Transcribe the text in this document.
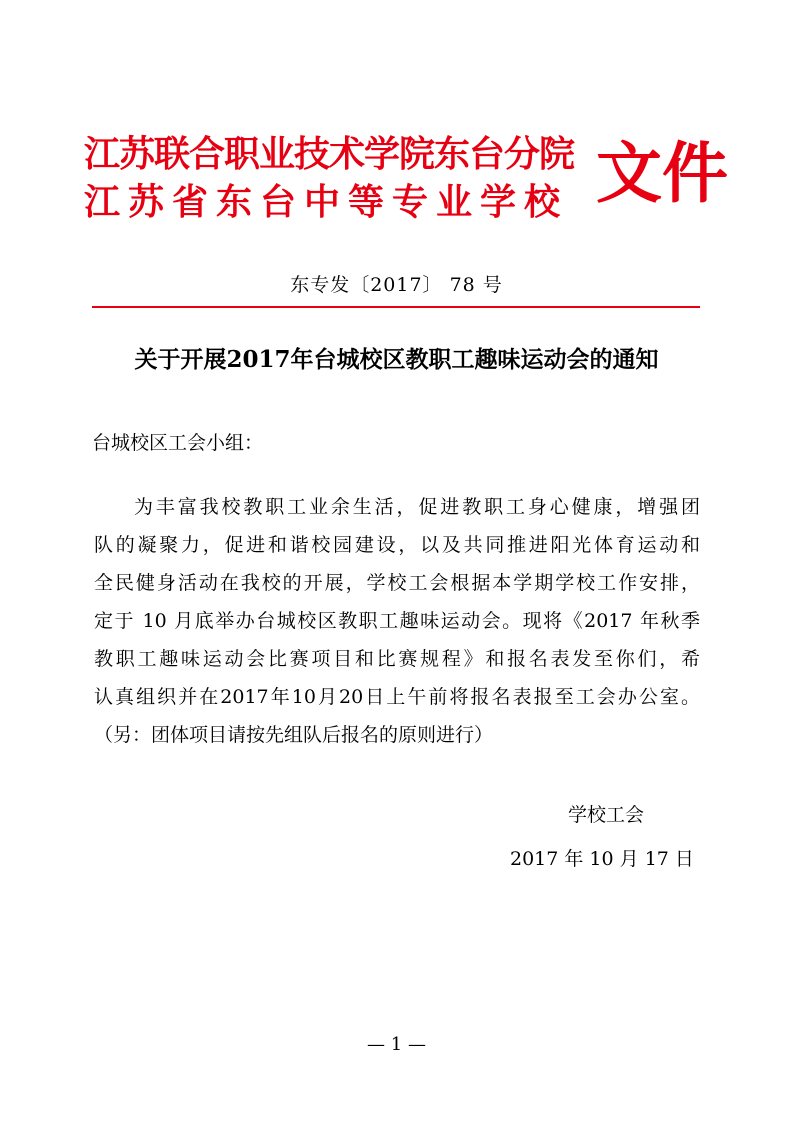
江苏联合职业技术学院东台分院
江苏省东台中等专业学校 文件
东专发〔2017〕 78 号
关于开展2017年台城校区教职工趣味运动会的通知
台城校区工会小组：
为丰富我校教职工业余生活，促进教职工身心健康，增强团
队的凝聚力，促进和谐校园建设，以及共同推进阳光体育运动和
全民健身活动在我校的开展，学校工会根据本学期学校工作安排，
定于 10 月底举办台城校区教职工趣味运动会。现将《2017 年秋季
教职工趣味运动会比赛项目和比赛规程》和报名表发至你们，希
认真组织并在2017年10月20日上午前将报名表报至工会办公室。
（另：团体项目请按先组队后报名的原则进行）
学校工会
2017 年 10 月 17 日
— 1 —
